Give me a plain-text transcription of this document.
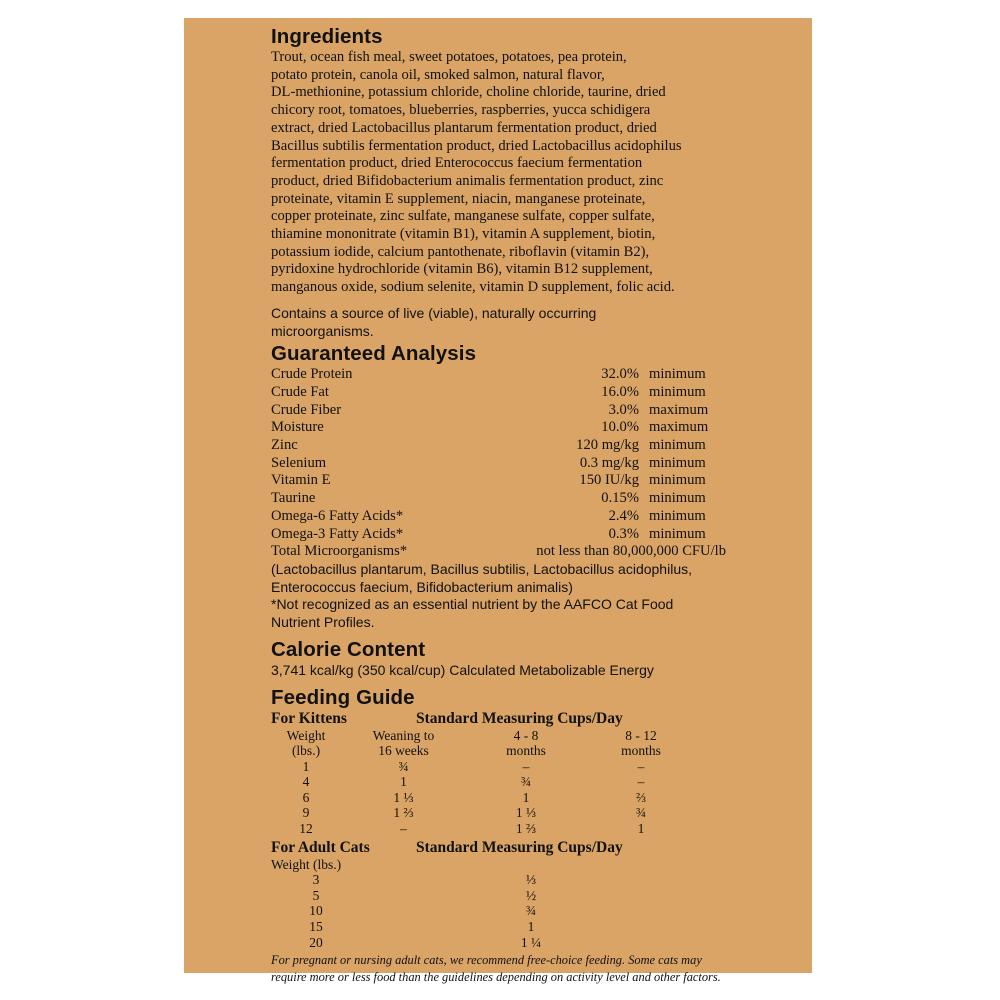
Ingredients
Trout, ocean fish meal, sweet potatoes, potatoes, pea protein,
potato protein, canola oil, smoked salmon, natural flavor,
DL-methionine, potassium chloride, choline chloride, taurine, dried
chicory root, tomatoes, blueberries, raspberries, yucca schidigera
extract, dried Lactobacillus plantarum fermentation product, dried
Bacillus subtilis fermentation product, dried Lactobacillus acidophilus
fermentation product, dried Enterococcus faecium fermentation
product, dried Bifidobacterium animalis fermentation product, zinc
proteinate, vitamin E supplement, niacin, manganese proteinate,
copper proteinate, zinc sulfate, manganese sulfate, copper sulfate,
thiamine mononitrate (vitamin B1), vitamin A supplement, biotin,
potassium iodide, calcium pantothenate, riboflavin (vitamin B2),
pyridoxine hydrochloride (vitamin B6), vitamin B12 supplement,
manganous oxide, sodium selenite, vitamin D supplement, folic acid.
Contains a source of live (viable), naturally occurring
microorganisms.
Guaranteed Analysis
Crude Protein	32.0% minimum
Crude Fat	16.0% minimum
Crude Fiber	3.0% maximum
Moisture	10.0% maximum
Zinc	120 mg/kg minimum
Selenium	0.3 mg/kg minimum
Vitamin E	150 IU/kg minimum
Taurine	0.15% minimum
Omega-6 Fatty Acids*	2.4% minimum
Omega-3 Fatty Acids*	0.3% minimum
Total Microorganisms*	not less than 80,000,000 CFU/lb
(Lactobacillus plantarum, Bacillus subtilis, Lactobacillus acidophilus,
Enterococcus faecium, Bifidobacterium animalis)
*Not recognized as an essential nutrient by the AAFCO Cat Food
Nutrient Profiles.
Calorie Content

3,741 kcal/kg (350 kcal/cup) Calculated Metabolizable Energy

Feeding Guide
For Kittens	Standard Measuring Cups/Day
Weight	Weaning to	4 - 8	8 - 12
(lbs.)	16 weeks	months	months
1	¾	–	–
4	1	¾	–
6	1 ⅓	1	⅔
9	1 ⅔	1 ⅓	¾
12	–	1 ⅔	1
For Adult Cats	Standard Measuring Cups/Day
Weight (lbs.)
3	⅓
5	½
10	¾
15	1
20	1 ¼
For pregnant or nursing adult cats, we recommend free-choice feeding. Some cats may
require more or less food than the guidelines depending on activity level and other factors.
